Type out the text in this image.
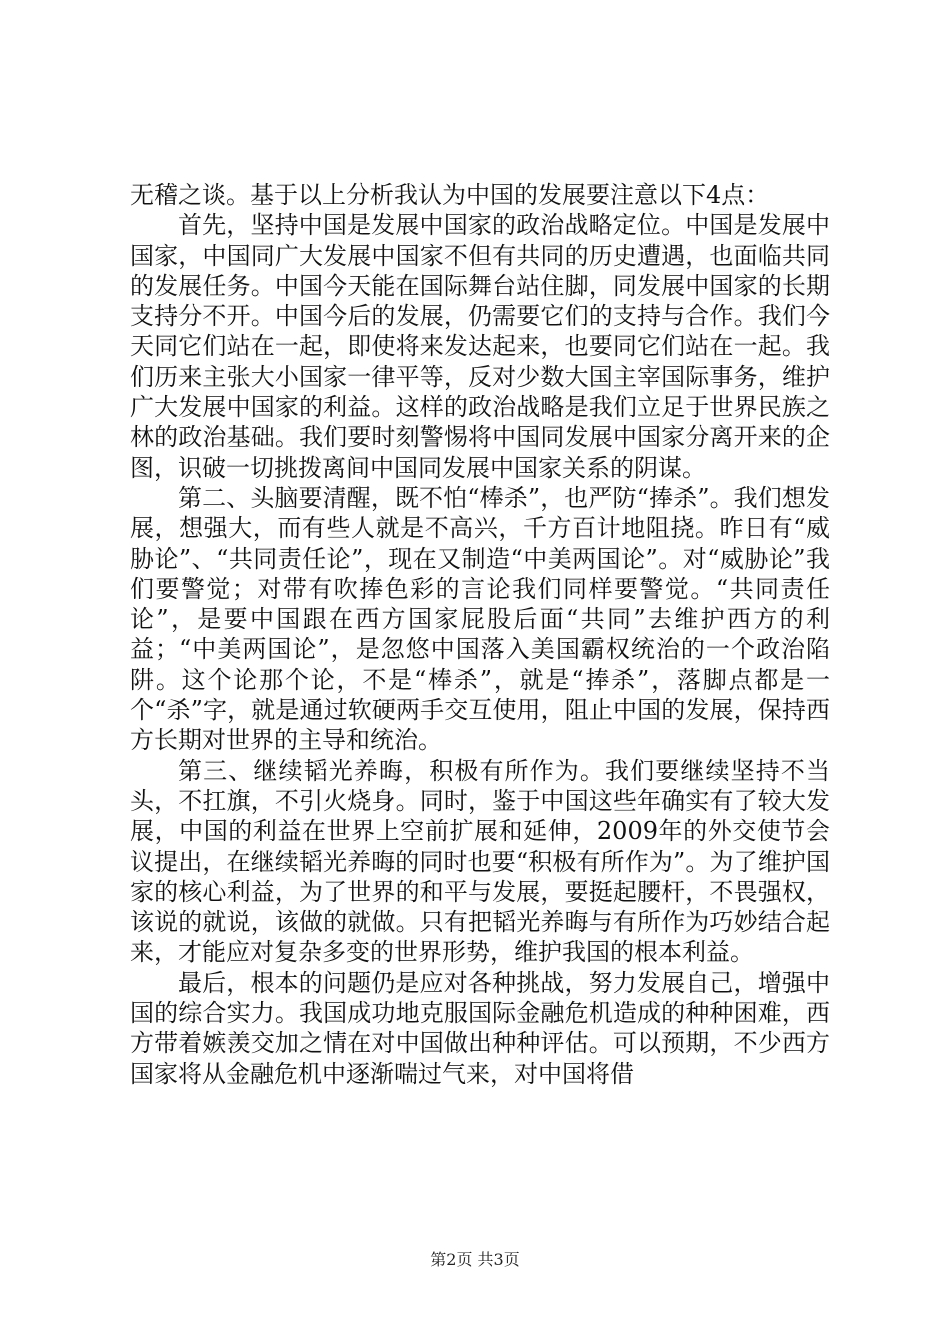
无稽之谈。基于以上分析我认为中国的发展要注意以下4点：

首先，坚持中国是发展中国家的政治战略定位。中国是发展中国家，中国同广大发展中国家不但有共同的历史遭遇，也面临共同的发展任务。中国今天能在国际舞台站住脚，同发展中国家的长期支持分不开。中国今后的发展，仍需要它们的支持与合作。我们今天同它们站在一起，即使将来发达起来，也要同它们站在一起。我们历来主张大小国家一律平等，反对少数大国主宰国际事务，维护广大发展中国家的利益。这样的政治战略是我们立足于世界民族之林的政治基础。我们要时刻警惕将中国同发展中国家分离开来的企图，识破一切挑拨离间中国同发展中国家关系的阴谋。

第二、头脑要清醒，既不怕“棒杀”，也严防“捧杀”。我们想发展，想强大，而有些人就是不高兴，千方百计地阻挠。昨日有“威胁论”、“共同责任论”，现在又制造“中美两国论”。对“威胁论”我们要警觉；对带有吹捧色彩的言论我们同样要警觉。“共同责任论”，是要中国跟在西方国家屁股后面“共同”去维护西方的利益；“中美两国论”，是忽悠中国落入美国霸权统治的一个政治陷阱。这个论那个论，不是“棒杀”，就是“捧杀”，落脚点都是一个“杀”字，就是通过软硬两手交互使用，阻止中国的发展，保持西方长期对世界的主导和统治。

第三、继续韬光养晦，积极有所作为。我们要继续坚持不当头，不扛旗，不引火烧身。同时，鉴于中国这些年确实有了较大发展，中国的利益在世界上空前扩展和延伸，2009年的外交使节会议提出，在继续韬光养晦的同时也要“积极有所作为”。为了维护国家的核心利益，为了世界的和平与发展，要挺起腰杆，不畏强权，该说的就说，该做的就做。只有把韬光养晦与有所作为巧妙结合起来，才能应对复杂多变的世界形势，维护我国的根本利益。

最后，根本的问题仍是应对各种挑战，努力发展自己，增强中国的综合实力。我国成功地克服国际金融危机造成的种种困难，西方带着嫉羡交加之情在对中国做出种种评估。可以预期，不少西方国家将从金融危机中逐渐喘过气来，对中国将借

第2页 共3页
